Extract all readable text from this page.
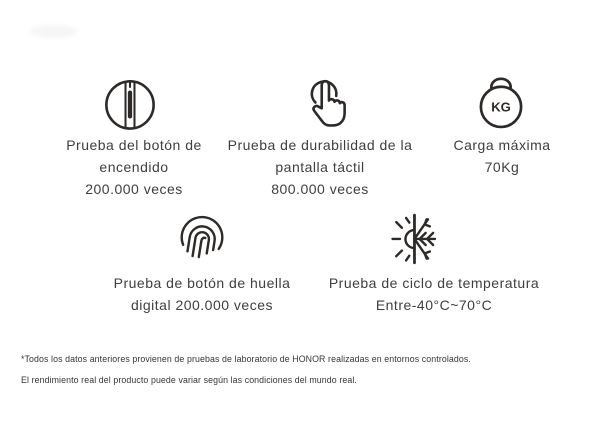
Prueba del botón de
encendido
200.000 veces
Prueba de durabilidad de la
pantalla táctil
800.000 veces
KG
Carga máxima
70Kg
Prueba de botón de huella
digital 200.000 veces
Prueba de ciclo de temperatura
Entre-40°C~70°C
*Todos los datos anteriores provienen de pruebas de laboratorio de HONOR realizadas en entornos controlados.
El rendimiento real del producto puede variar según las condiciones del mundo real.
